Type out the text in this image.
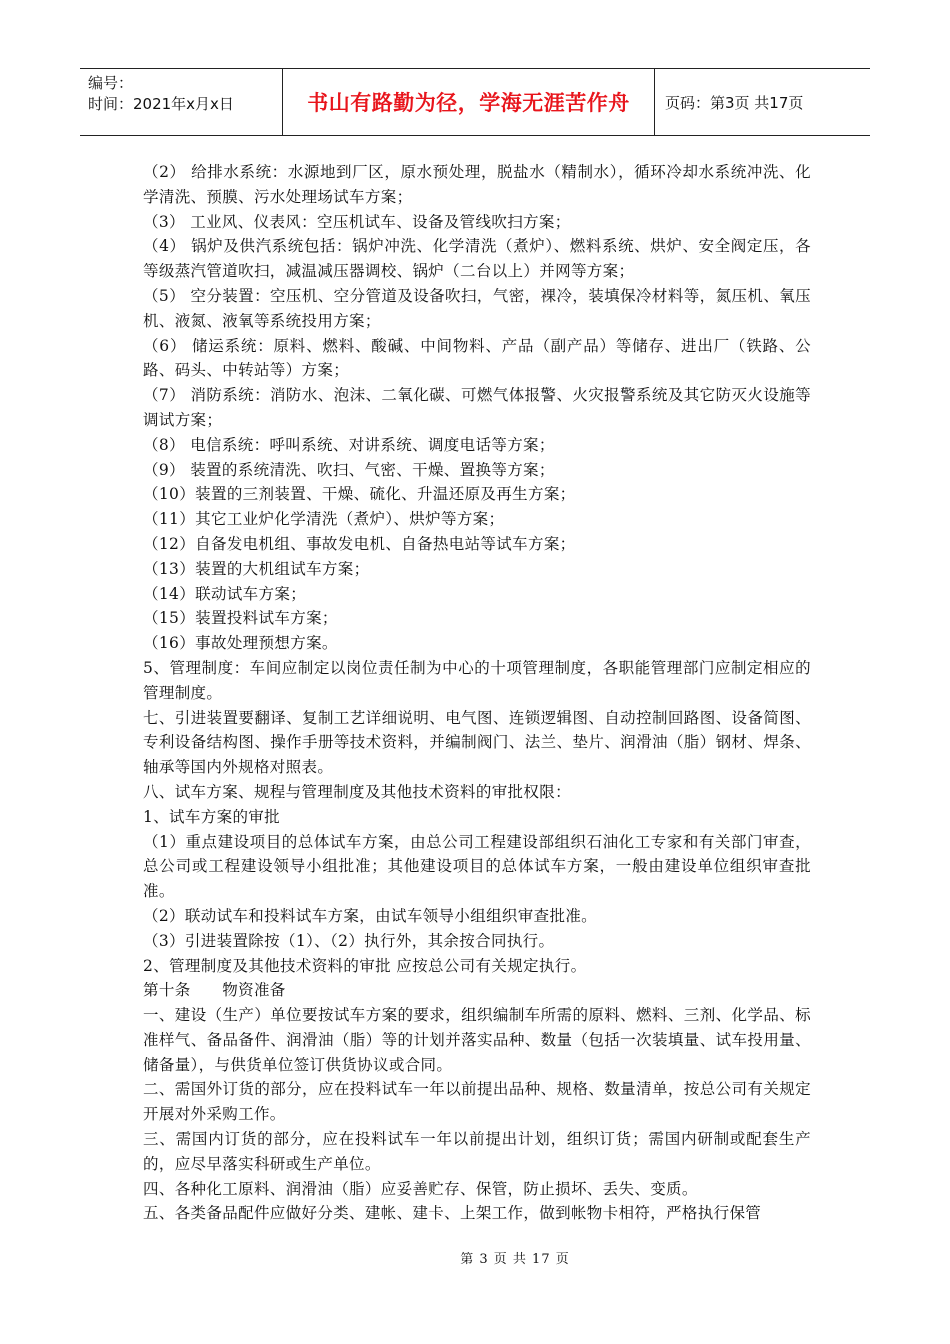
编号：
时间：2021年x月x日	书山有路勤为径，学海无涯苦作舟 页码：第3页 共17页

（2） 给排水系统：水源地到厂区，原水预处理，脱盐水（精制水），循环冷却水系统冲洗、化学清洗、预膜、污水处理场试车方案；

（3） 工业风、仪表风：空压机试车、设备及管线吹扫方案；

（4） 锅炉及供汽系统包括：锅炉冲洗、化学清洗（煮炉）、燃料系统、烘炉、安全阀定压，各等级蒸汽管道吹扫，减温减压器调校、锅炉（二台以上）并网等方案；

（5） 空分装置：空压机、空分管道及设备吹扫，气密，裸冷，装填保冷材料等，氮压机、氧压机、液氮、液氧等系统投用方案；

（6） 储运系统：原料、燃料、酸碱、中间物料、产品（副产品）等储存、进出厂（铁路、公路、码头、中转站等）方案；

（7） 消防系统：消防水、泡沫、二氧化碳、可燃气体报警、火灾报警系统及其它防灭火设施等调试方案；

（8） 电信系统：呼叫系统、对讲系统、调度电话等方案；

（9） 装置的系统清洗、吹扫、气密、干燥、置换等方案；

（10）装置的三剂装置、干燥、硫化、升温还原及再生方案；

（11）其它工业炉化学清洗（煮炉）、烘炉等方案；

（12）自备发电机组、事故发电机、自备热电站等试车方案；

（13）装置的大机组试车方案；

（14）联动试车方案；

（15）装置投料试车方案；

（16）事故处理预想方案。

5、管理制度：车间应制定以岗位责任制为中心的十项管理制度，各职能管理部门应制定相应的管理制度。

七、引进装置要翻译、复制工艺详细说明、电气图、连锁逻辑图、自动控制回路图、设备简图、专利设备结构图、操作手册等技术资料，并编制阀门、法兰、垫片、润滑油（脂）钢材、焊条、轴承等国内外规格对照表。

八、试车方案、规程与管理制度及其他技术资料的审批权限：

1、试车方案的审批

（1）重点建设项目的总体试车方案，由总公司工程建设部组织石油化工专家和有关部门审查，总公司或工程建设领导小组批准；其他建设项目的总体试车方案，一般由建设单位组织审查批准。

（2）联动试车和投料试车方案，由试车领导小组组织审查批准。

（3）引进装置除按（1）、（2）执行外，其余按合同执行。

2、管理制度及其他技术资料的审批 应按总公司有关规定执行。

第十条　　物资准备

一、建设（生产）单位要按试车方案的要求，组织编制车所需的原料、燃料、三剂、化学品、标准样气、备品备件、润滑油（脂）等的计划并落实品种、数量（包括一次装填量、试车投用量、储备量），与供货单位签订供货协议或合同。

二、需国外订货的部分，应在投料试车一年以前提出品种、规格、数量清单，按总公司有关规定开展对外采购工作。

三、需国内订货的部分，应在投料试车一年以前提出计划，组织订货；需国内研制或配套生产的，应尽早落实科研或生产单位。

四、各种化工原料、润滑油（脂）应妥善贮存、保管，防止损坏、丢失、变质。

五、各类备品配件应做好分类、建帐、建卡、上架工作，做到帐物卡相符，严格执行保管

第 3 页 共 17 页
